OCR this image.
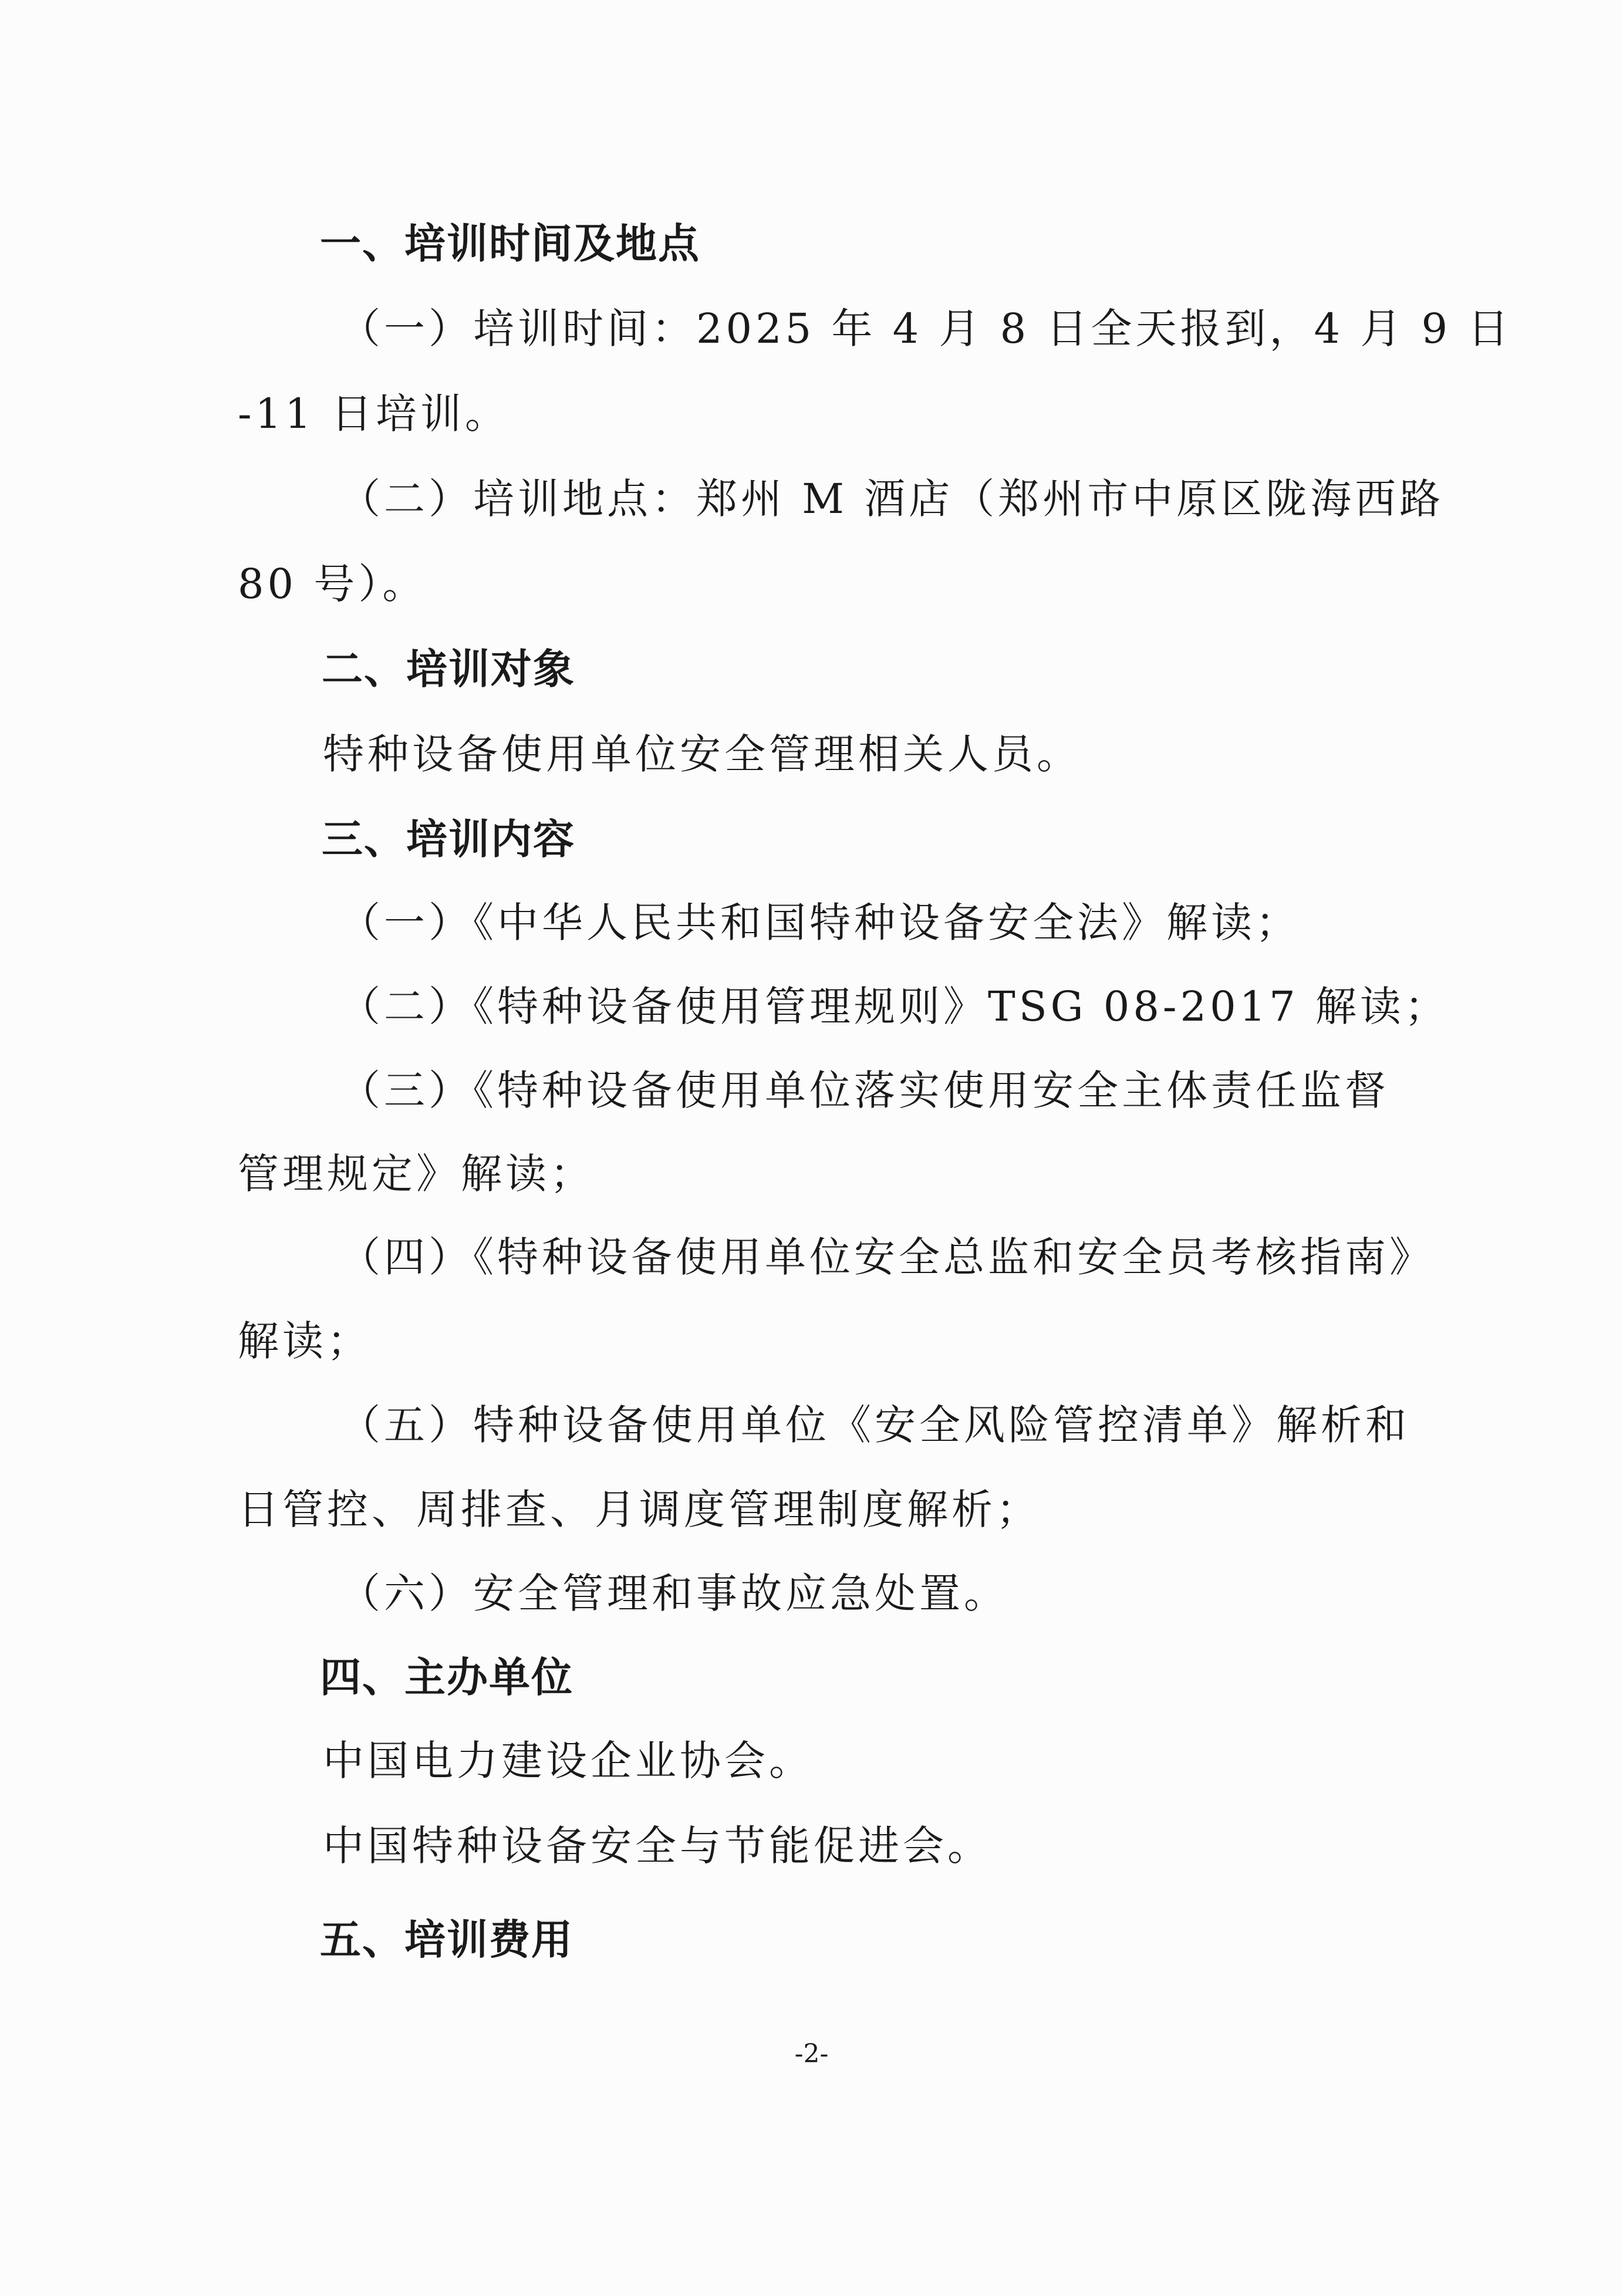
一、培训时间及地点
（一）培训时间：2025 年 4 月 8 日全天报到，4 月 9 日
-11 日培训。
（二）培训地点：郑州 M 酒店（郑州市中原区陇海西路
80 号）。
二、培训对象
特种设备使用单位安全管理相关人员。
三、培训内容
（一）《中华人民共和国特种设备安全法》解读；
（二）《特种设备使用管理规则》TSG 08-2017 解读；
（三）《特种设备使用单位落实使用安全主体责任监督
管理规定》解读；
（四）《特种设备使用单位安全总监和安全员考核指南》
解读；
（五）特种设备使用单位《安全风险管控清单》解析和
日管控、周排查、月调度管理制度解析；
（六）安全管理和事故应急处置。
四、主办单位
中国电力建设企业协会。
中国特种设备安全与节能促进会。
五、培训费用
-2-
